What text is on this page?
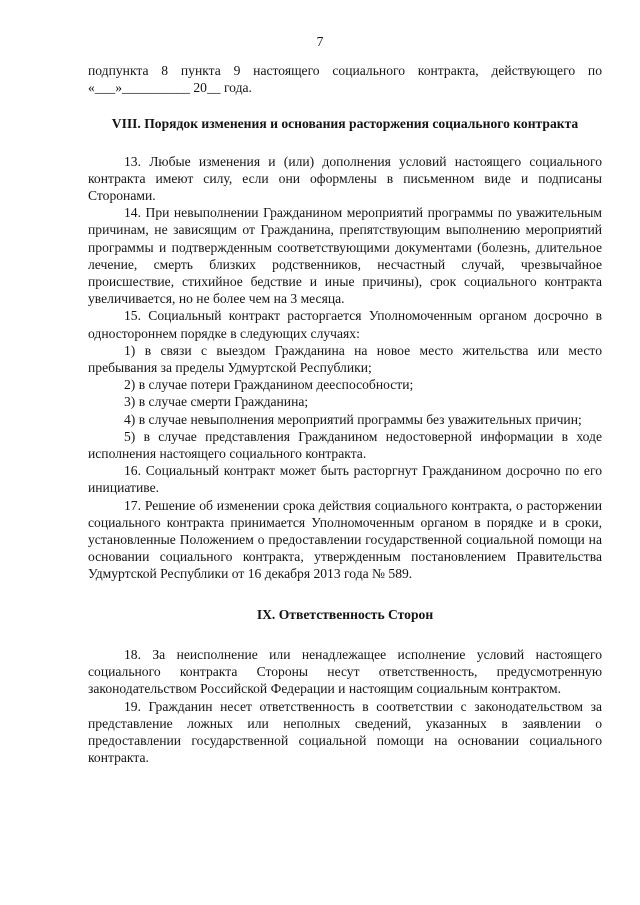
7

подпункта 8 пункта 9 настоящего социального контракта, действующего по «___»__________ 20__ года.

VIII. Порядок изменения и основания расторжения социального контракта

13. Любые изменения и (или) дополнения условий настоящего социального контракта имеют силу, если они оформлены в письменном виде и подписаны Сторонами.

14. При невыполнении Гражданином мероприятий программы по уважительным причинам, не зависящим от Гражданина, препятствующим выполнению мероприятий программы и подтвержденным соответствующими документами (болезнь, длительное лечение, смерть близких родственников, несчастный случай, чрезвычайное происшествие, стихийное бедствие и иные причины), срок социального контракта увеличивается, но не более чем на 3 месяца.

15. Социальный контракт расторгается Уполномоченным органом досрочно в одностороннем порядке в следующих случаях:

1) в связи с выездом Гражданина на новое место жительства или место пребывания за пределы Удмуртской Республики;

2) в случае потери Гражданином дееспособности;

3) в случае смерти Гражданина;

4) в случае невыполнения мероприятий программы без уважительных причин;

5) в случае представления Гражданином недостоверной информации в ходе исполнения настоящего социального контракта.

16. Социальный контракт может быть расторгнут Гражданином досрочно по его инициативе.

17. Решение об изменении срока действия социального контракта, о расторжении социального контракта принимается Уполномоченным органом в порядке и в сроки, установленные Положением о предоставлении государственной социальной помощи на основании социального контракта, утвержденным постановлением Правительства Удмуртской Республики от 16 декабря 2013 года № 589.

IX. Ответственность Сторон

18. За неисполнение или ненадлежащее исполнение условий настоящего социального контракта Стороны несут ответственность, предусмотренную законодательством Российской Федерации и настоящим социальным контрактом.

19. Гражданин несет ответственность в соответствии с законодательством за представление ложных или неполных сведений, указанных в заявлении о предоставлении государственной социальной помощи на основании социального контракта.
